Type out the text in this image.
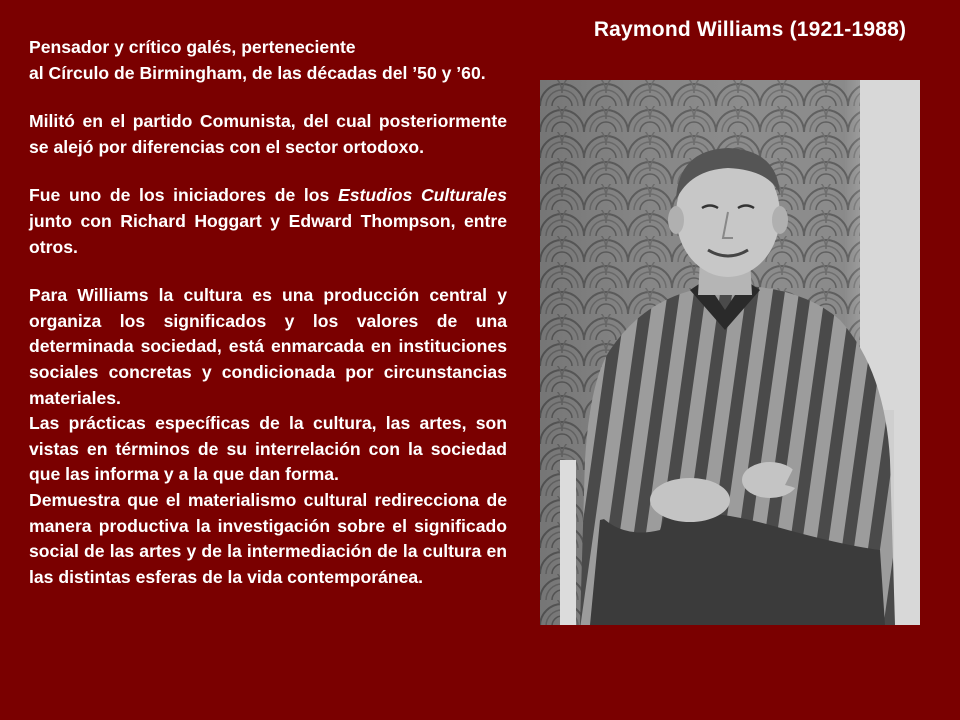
Raymond Williams (1921-1988)

Pensador y crítico galés, perteneciente

al Círculo de Birmingham, de las décadas del ’50 y ’60.

Militó en el partido Comunista, del cual posteriormente se alejó por diferencias con el sector ortodoxo.

Fue uno de los iniciadores de los Estudios Culturales junto con Richard Hoggart y Edward Thompson, entre otros.

Para Williams la cultura es una producción central y organiza los significados y los valores de una determinada sociedad, está enmarcada en instituciones sociales concretas y condicionada por circunstancias materiales.

Las prácticas específicas de la cultura, las artes, son vistas en términos de su interrelación con la sociedad que las informa y a la que dan forma.

Demuestra que el materialismo cultural redirecciona de manera productiva la investigación sobre el significado social de las artes y de la intermediación de la cultura en las distintas esferas de la vida contemporánea.
